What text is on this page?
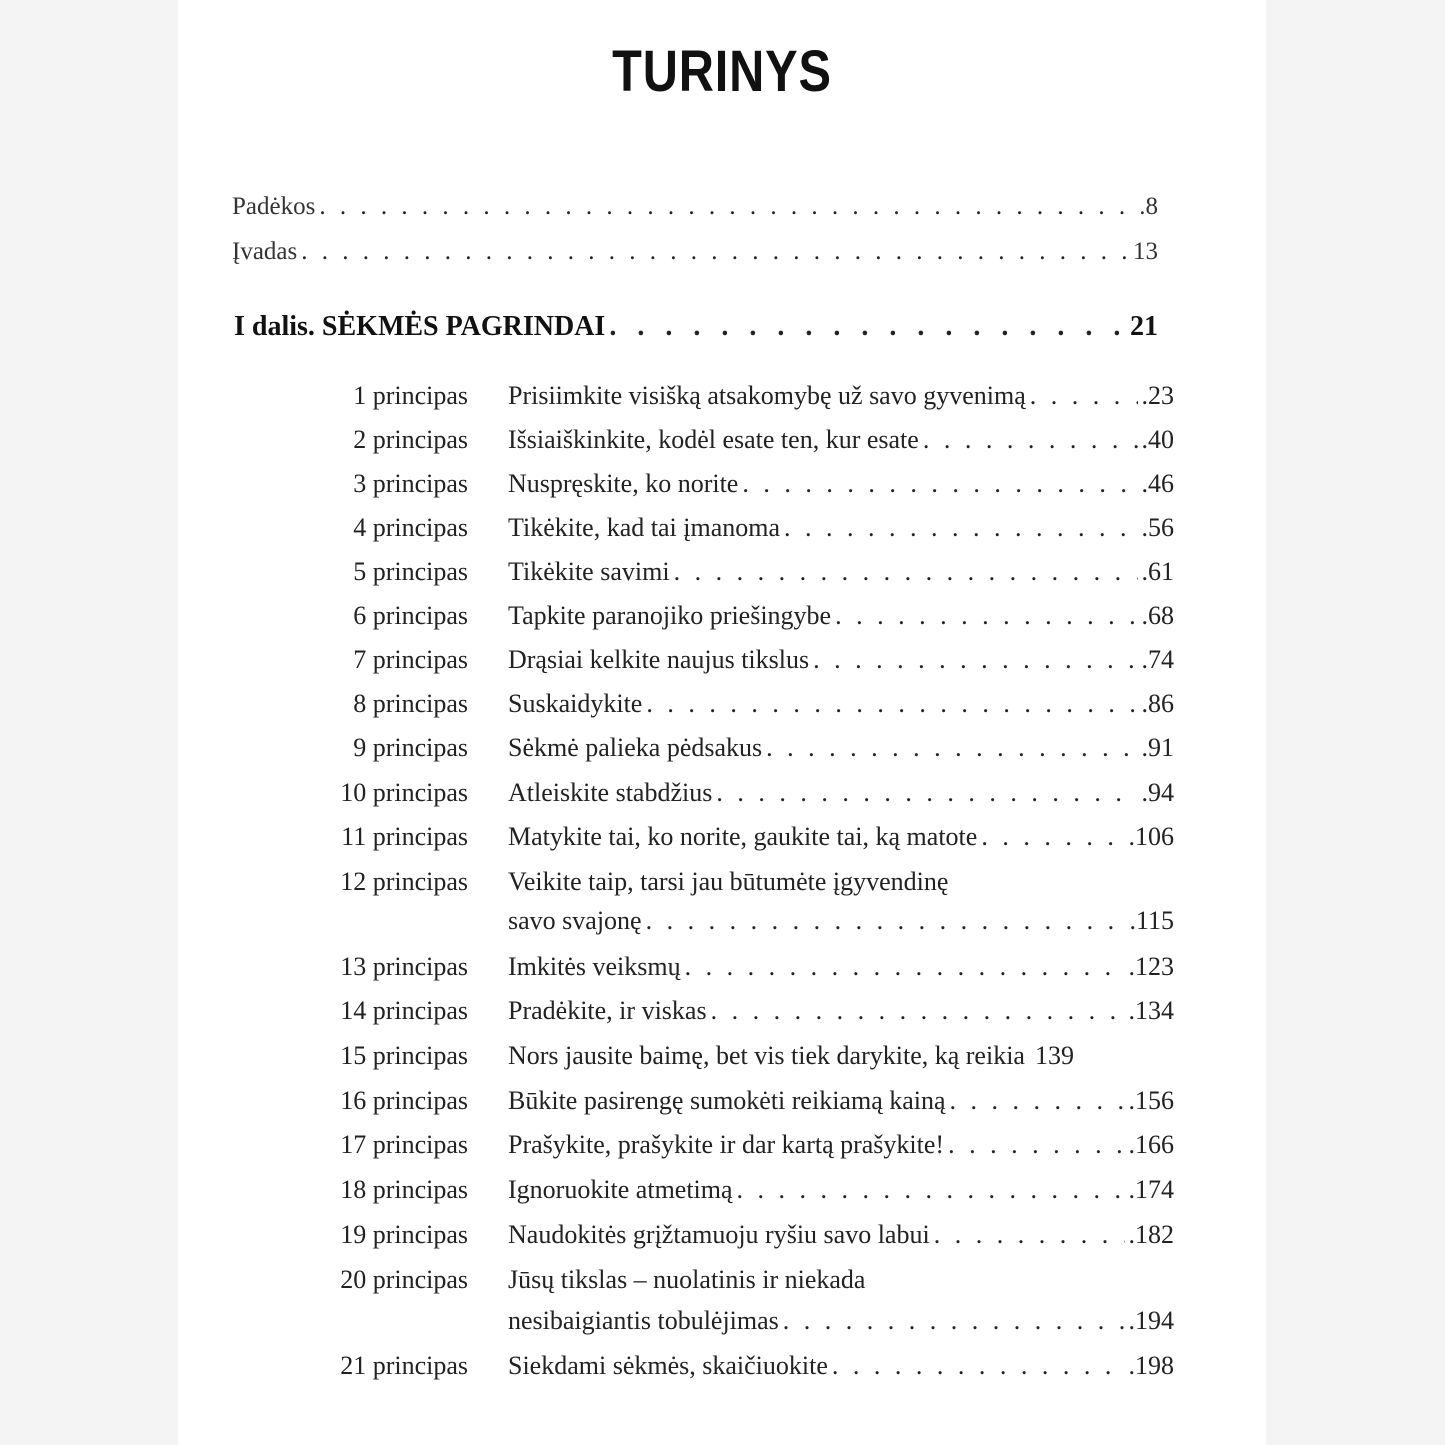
TURINYS
Padėkos . . .	.8
Įvadas . . .	13
I dalis. SĖKMĖS PAGRINDAI . . .	21
1 principas Prisiimkite visišką atsakomybę už savo gyvenimą . . .	.23
2 principas Išsiaiškinkite, kodėl esate ten, kur esate . . .	.40
3 principas Nuspręskite, ko norite . . .	.46
4 principas Tikėkite, kad tai įmanoma . . .	.56
5 principas Tikėkite savimi . . .	.61
6 principas Tapkite paranojiko priešingybe . . .	.68
7 principas Drąsiai kelkite naujus tikslus . . .	.74
8 principas Suskaidykite . . .	.86
9 principas Sėkmė palieka pėdsakus . . .	.91
10 principas Atleiskite stabdžius . . .	.94
11 principas Matykite tai, ko norite, gaukite tai, ką matote . . .	.106
12 principas Veikite taip, tarsi jau būtumėte įgyvendinę
savo svajonę . . .	.115
13 principas Imkitės veiksmų . . .	.123
14 principas Pradėkite, ir viskas . . .	.134
15 principas Nors jausite baimę, bet vis tiek darykite, ką reikia 139
16 principas Būkite pasirengę sumokėti reikiamą kainą . . .	.156
17 principas Prašykite, prašykite ir dar kartą prašykite! . . .	.166
18 principas Ignoruokite atmetimą . . .	.174
19 principas Naudokitės grįžtamuoju ryšiu savo labui . . .	.182
20 principas Jūsų tikslas – nuolatinis ir niekada
nesibaigiantis tobulėjimas . . .	.194
21 principas Siekdami sėkmės, skaičiuokite . . .	.198
